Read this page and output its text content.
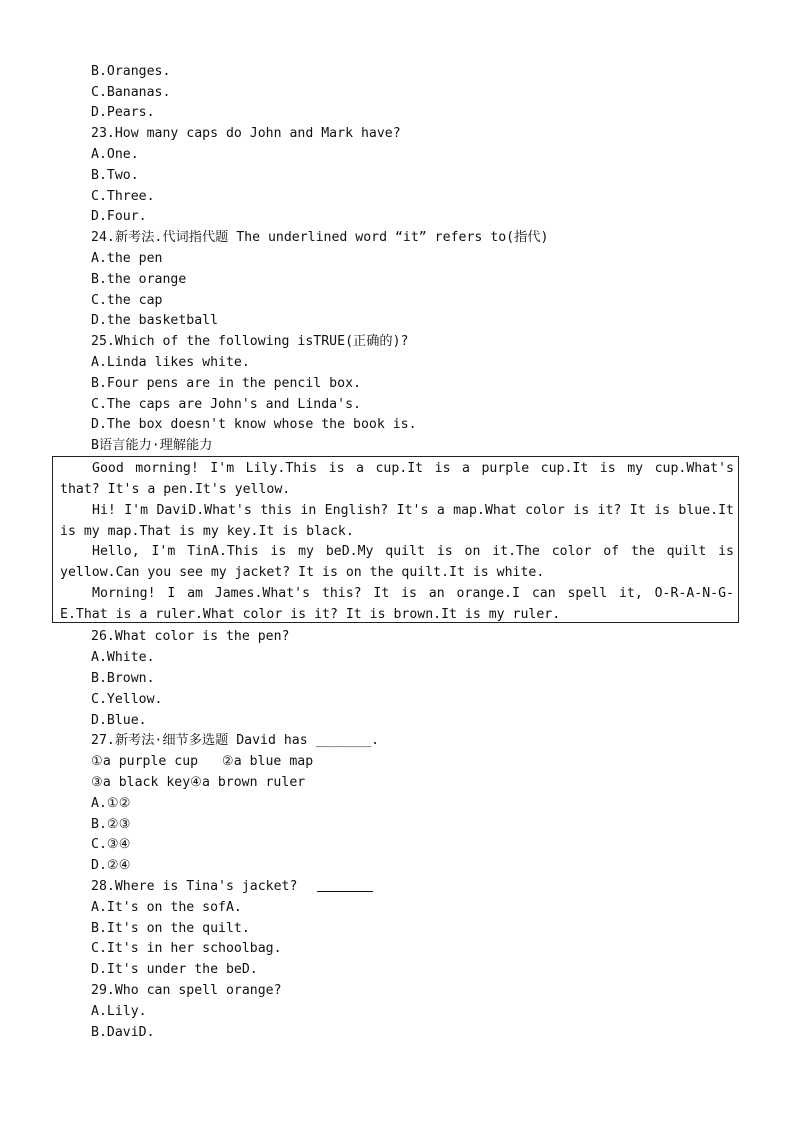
B.Oranges.
C.Bananas.
D.Pears.
23.How many caps do John and Mark have?
A.One.
B.Two.
C.Three.
D.Four.
24.新考法.代词指代题 The underlined word “it” refers to(指代)
A.the pen
B.the orange
C.the cap
D.the basketball
25.Which of the following isTRUE(正确的)?
A.Linda likes white.
B.Four pens are in the pencil box.
C.The caps are John's and Linda's.
D.The box doesn't know whose the book is.
B语言能力·理解能力
Good morning! I'm Lily.This is a cup.It is a purple cup.It is my cup.What's that? It's a pen.It's yellow.
Hi! I'm DaviD.What's this in English? It's a map.What color is it? It is blue.It is my map.That is my key.It is black.
Hello, I'm TinA.This is my beD.My quilt is on it.The color of the quilt is yellow.Can you see my jacket? It is on the quilt.It is white.
Morning! I am James.What's this? It is an orange.I can spell it, O-R-A-N-G-E.That is a ruler.What color is it? It is brown.It is my ruler.
26.What color is the pen?
A.White.
B.Brown.
C.Yellow.
D.Blue.
27.新考法·细节多选题 David has _______.
①a purple cup   ②a blue map
③a black key④a brown ruler
A.①②
B.②③
C.③④
D.②④
28.Where is Tina's jacket?
A.It's on the sofA.
B.It's on the quilt.
C.It's in her schoolbag.
D.It's under the beD.
29.Who can spell orange?
A.Lily.
B.DaviD.
